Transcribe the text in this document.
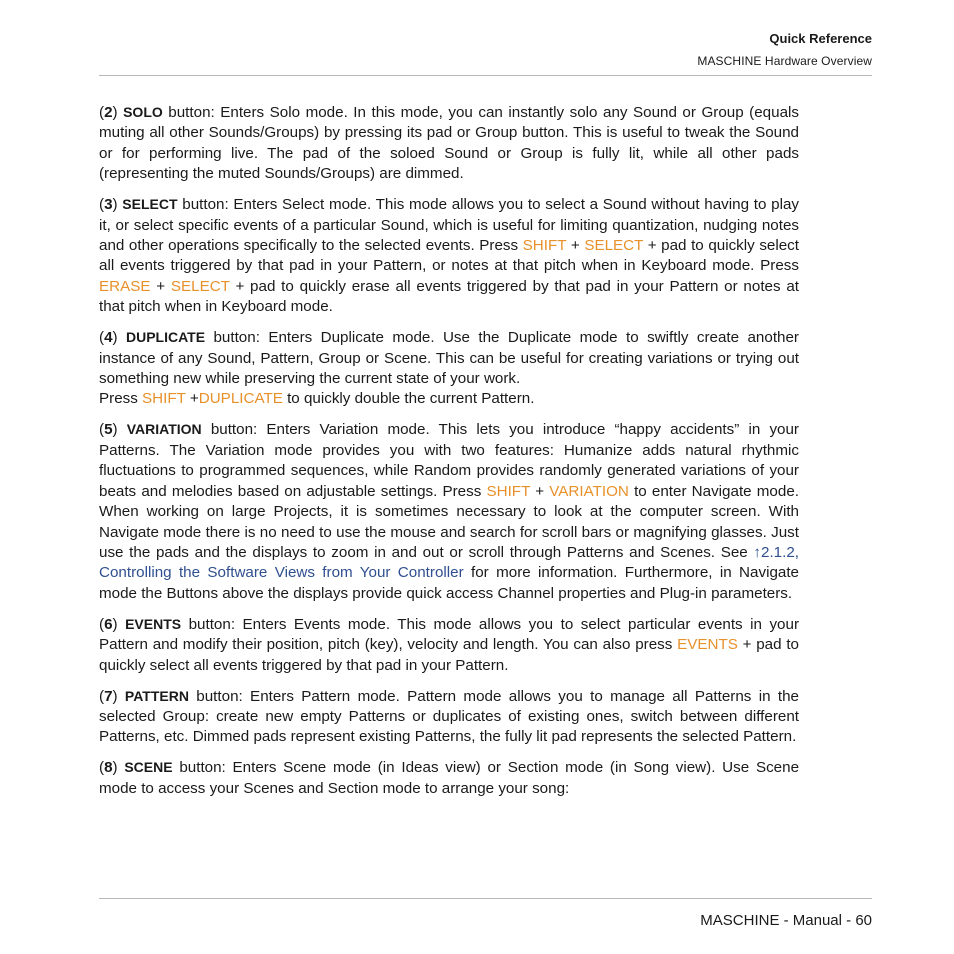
Quick Reference
MASCHINE Hardware Overview

(2) SOLO button: Enters Solo mode. In this mode, you can instantly solo any Sound or Group (equals muting all other Sounds/Groups) by pressing its pad or Group button. This is useful to tweak the Sound or for performing live. The pad of the soloed Sound or Group is fully lit, while all other pads (representing the muted Sounds/Groups) are dimmed.

(3) SELECT button: Enters Select mode. This mode allows you to select a Sound without having to play it, or select specific events of a particular Sound, which is useful for limiting quantization, nudging notes and other operations specifically to the selected events. Press SHIFT + SELECT + pad to quickly select all events triggered by that pad in your Pattern, or notes at that pitch when in Keyboard mode. Press ERASE + SELECT + pad to quickly erase all events triggered by that pad in your Pattern or notes at that pitch when in Keyboard mode.

(4) DUPLICATE button: Enters Duplicate mode. Use the Duplicate mode to swiftly create another instance of any Sound, Pattern, Group or Scene. This can be useful for creating variations or trying out something new while preserving the current state of your work.
Press SHIFT +DUPLICATE to quickly double the current Pattern.

(5) VARIATION button: Enters Variation mode. This lets you introduce “happy accidents” in your Patterns. The Variation mode provides you with two features: Humanize adds natural rhythmic fluctuations to programmed sequences, while Random provides randomly generated variations of your beats and melodies based on adjustable settings. Press SHIFT + VARIATION to enter Navigate mode. When working on large Projects, it is sometimes necessary to look at the computer screen. With Navigate mode there is no need to use the mouse and search for scroll bars or magnifying glasses. Just use the pads and the displays to zoom in and out or scroll through Patterns and Scenes. See ↑2.1.2, Controlling the Software Views from Your Controller for more information. Furthermore, in Navigate mode the Buttons above the displays provide quick access Channel properties and Plug-in parameters.

(6) EVENTS button: Enters Events mode. This mode allows you to select particular events in your Pattern and modify their position, pitch (key), velocity and length. You can also press EVENTS + pad to quickly select all events triggered by that pad in your Pattern.

(7) PATTERN button: Enters Pattern mode. Pattern mode allows you to manage all Patterns in the selected Group: create new empty Patterns or duplicates of existing ones, switch between different Patterns, etc. Dimmed pads represent existing Patterns, the fully lit pad represents the selected Pattern.

(8) SCENE button: Enters Scene mode (in Ideas view) or Section mode (in Song view). Use Scene mode to access your Scenes and Section mode to arrange your song:

MASCHINE - Manual - 60
